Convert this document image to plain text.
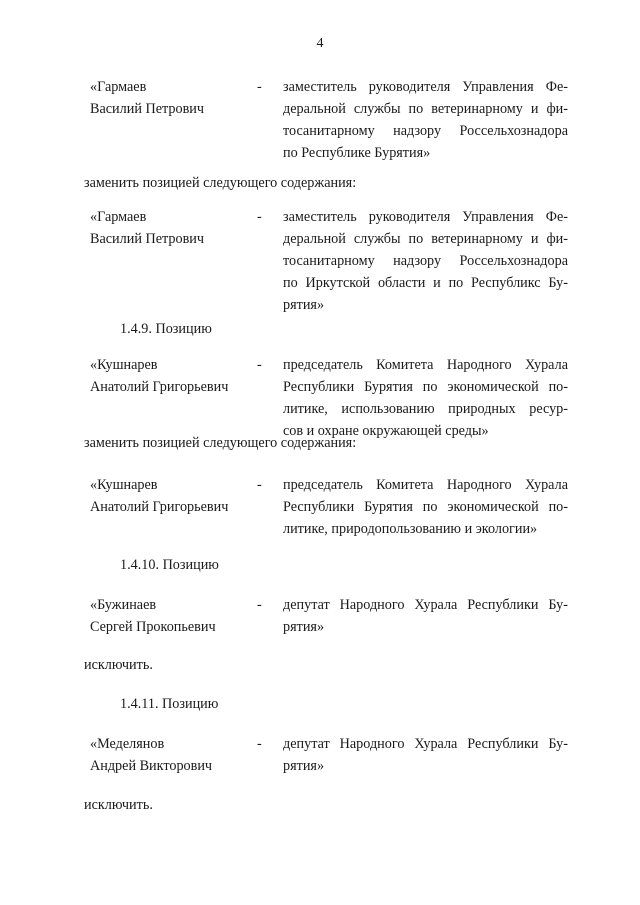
4
«Гармаев
Василий Петрович
- заместитель руководителя Управления Фе-
деральной службы по ветеринарному и фи-
тосанитарному надзору Россельхознадора
по Республике Бурятия»
заменить позицией следующего содержания:
«Гармаев
Василий Петрович
- заместитель руководителя Управления Фе-
деральной службы по ветеринарному и фи-
тосанитарному надзору Россельхознадора
по Иркутской области и по Республикс Бу-
рятия»
1.4.9. Позицию
«Кушнарев
Анатолий Григорьевич
- председатель Комитета Народного Хурала
Республики Бурятия по экономической по-
литике, использованию природных ресур-
сов и охране окружающей среды»
заменить позицией следующего содержания:
«Кушнарев
Анатолий Григорьевич
- председатель Комитета Народного Хурала
Республики Бурятия по экономической по-
литике, природопользованию и экологии»
1.4.10. Позицию
«Бужинаев
Сергей Прокопьевич
- депутат Народного Хурала Республики Бу-
рятия»
исключить.
1.4.11. Позицию
«Меделянов
Андрей Викторович
- депутат Народного Хурала Республики Бу-
рятия»
исключить.
